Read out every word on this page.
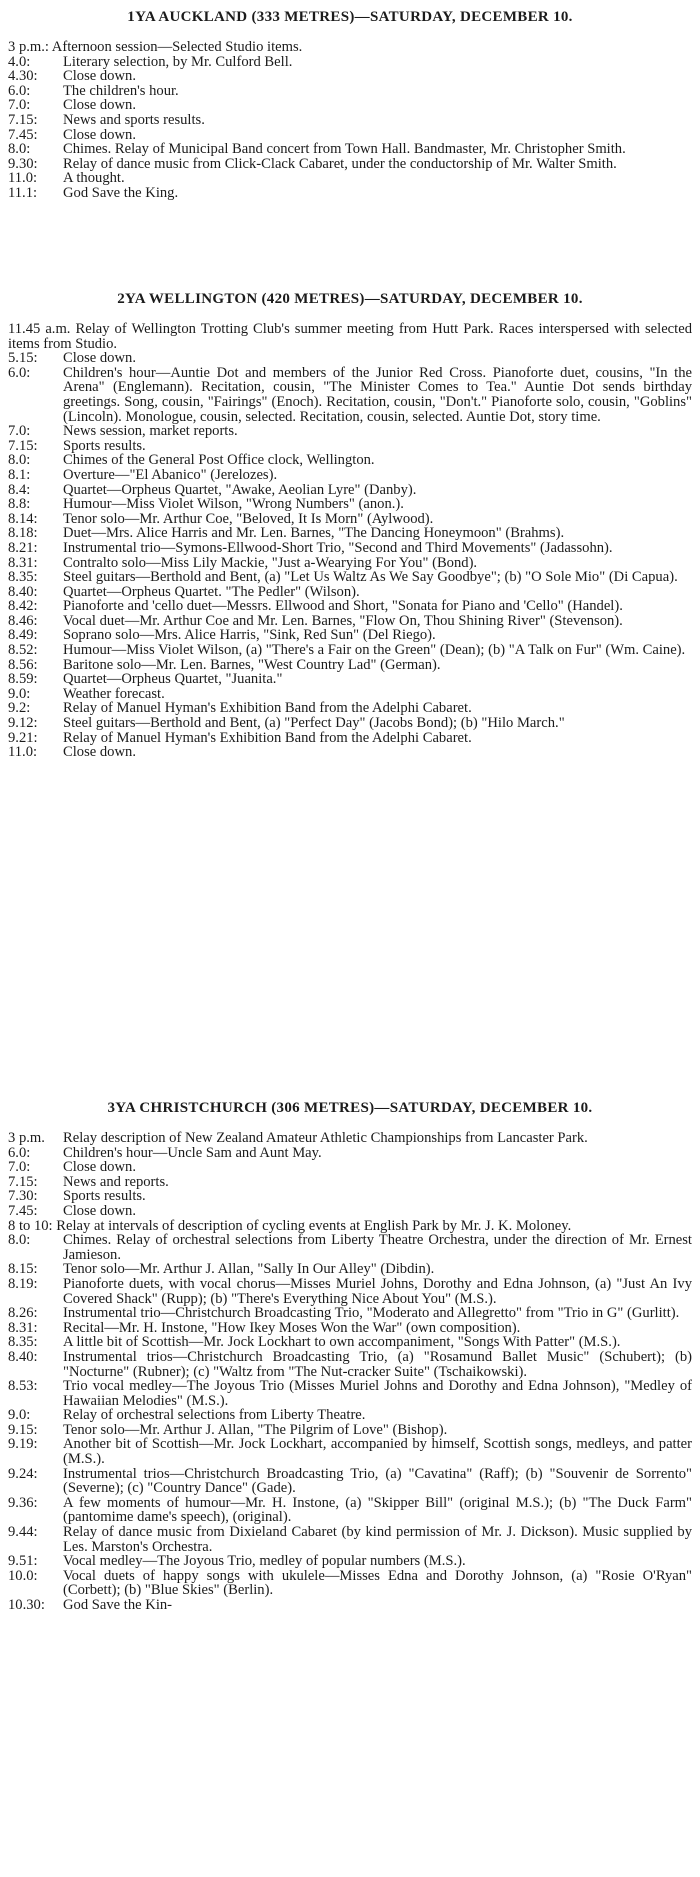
1YA AUCKLAND (333 METRES)—SATURDAY, DECEMBER 10.
3 p.m.: Afternoon session—Selected Studio items.
4.0:	Literary selection, by Mr. Culford Bell.
4.30:	Close down.
6.0:	The children's hour.
7.0:	Close down.
7.15:	News and sports results.
7.45:	Close down.
8.0:	Chimes. Relay of Municipal Band concert from Town Hall. Bandmaster, Mr. Christopher Smith.
9.30:	Relay of dance music from Click-Clack Cabaret, under the conductorship of Mr. Walter Smith.
11.0:	A thought.
11.1:	God Save the King.
2YA WELLINGTON (420 METRES)—SATURDAY, DECEMBER 10.
11.45 a.m. Relay of Wellington Trotting Club's summer meeting from Hutt Park. Races interspersed with selected items from Studio.
5.15:	Close down.
6.0:	Children's hour—Auntie Dot and members of the Junior Red Cross. Pianoforte duet, cousins, "In the Arena" (Englemann). Recitation, cousin, "The Minister Comes to Tea." Auntie Dot sends birthday greetings. Song, cousin, "Fairings" (Enoch). Recitation, cousin, "Don't." Pianoforte solo, cousin, "Goblins" (Lincoln). Monologue, cousin, selected. Recitation, cousin, selected. Auntie Dot, story time.
7.0:	News session, market reports.
7.15:	Sports results.
8.0:	Chimes of the General Post Office clock, Wellington.
8.1:	Overture—"El Abanico" (Jerelozes).
8.4:	Quartet—Orpheus Quartet, "Awake, Aeolian Lyre" (Danby).
8.8:	Humour—Miss Violet Wilson, "Wrong Numbers" (anon.).
8.14:	Tenor solo—Mr. Arthur Coe, "Beloved, It Is Morn" (Aylwood).
8.18:	Duet—Mrs. Alice Harris and Mr. Len. Barnes, "The Dancing Honeymoon" (Brahms).
8.21:	Instrumental trio—Symons-Ellwood-Short Trio, "Second and Third Movements" (Jadassohn).
8.31:	Contralto solo—Miss Lily Mackie, "Just a-Wearying For You" (Bond).
8.35:	Steel guitars—Berthold and Bent, (a) "Let Us Waltz As We Say Goodbye"; (b) "O Sole Mio" (Di Capua).
8.40:	Quartet—Orpheus Quartet. "The Pedler" (Wilson).
8.42:	Pianoforte and 'cello duet—Messrs. Ellwood and Short, "Sonata for Piano and 'Cello" (Handel).
8.46:	Vocal duet—Mr. Arthur Coe and Mr. Len. Barnes, "Flow On, Thou Shining River" (Stevenson).
8.49:	Soprano solo—Mrs. Alice Harris, "Sink, Red Sun" (Del Riego).
8.52:	Humour—Miss Violet Wilson, (a) "There's a Fair on the Green" (Dean); (b) "A Talk on Fur" (Wm. Caine).
8.56:	Baritone solo—Mr. Len. Barnes, "West Country Lad" (German).
8.59:	Quartet—Orpheus Quartet, "Juanita."
9.0:	Weather forecast.
9.2:	Relay of Manuel Hyman's Exhibition Band from the Adelphi Cabaret.
9.12:	Steel guitars—Berthold and Bent, (a) "Perfect Day" (Jacobs Bond); (b) "Hilo March."
9.21:	Relay of Manuel Hyman's Exhibition Band from the Adelphi Cabaret.
11.0:	Close down.
3YA CHRISTCHURCH (306 METRES)—SATURDAY, DECEMBER 10.
3 p.m.	Relay description of New Zealand Amateur Athletic Championships from Lancaster Park.
6.0:	Children's hour—Uncle Sam and Aunt May.
7.0:	Close down.
7.15:	News and reports.
7.30:	Sports results.
7.45:	Close down.
8 to 10: Relay at intervals of description of cycling events at English Park by Mr. J. K. Moloney.
8.0:	Chimes. Relay of orchestral selections from Liberty Theatre Orchestra, under the direction of Mr. Ernest Jamieson.
8.15:	Tenor solo—Mr. Arthur J. Allan, "Sally In Our Alley" (Dibdin).
8.19:	Pianoforte duets, with vocal chorus—Misses Muriel Johns, Dorothy and Edna Johnson, (a) "Just An Ivy Covered Shack" (Rupp); (b) "There's Everything Nice About You" (M.S.).
8.26:	Instrumental trio—Christchurch Broadcasting Trio, "Moderato and Allegretto" from "Trio in G" (Gurlitt).
8.31:	Recital—Mr. H. Instone, "How Ikey Moses Won the War" (own composition).
8.35:	A little bit of Scottish—Mr. Jock Lockhart to own accompaniment, "Songs With Patter" (M.S.).
8.40:	Instrumental trios—Christchurch Broadcasting Trio, (a) "Rosamund Ballet Music" (Schubert); (b) "Nocturne" (Rubner); (c) "Waltz from "The Nut-cracker Suite" (Tschaikowski).
8.53:	Trio vocal medley—The Joyous Trio (Misses Muriel Johns and Dorothy and Edna Johnson), "Medley of Hawaiian Melodies" (M.S.).
9.0:	Relay of orchestral selections from Liberty Theatre.
9.15:	Tenor solo—Mr. Arthur J. Allan, "The Pilgrim of Love" (Bishop).
9.19:	Another bit of Scottish—Mr. Jock Lockhart, accompanied by himself, Scottish songs, medleys, and patter (M.S.).
9.24:	Instrumental trios—Christchurch Broadcasting Trio, (a) "Cavatina" (Raff); (b) "Souvenir de Sorrento" (Severne); (c) "Country Dance" (Gade).
9.36:	A few moments of humour—Mr. H. Instone, (a) "Skipper Bill" (original M.S.); (b) "The Duck Farm" (pantomime dame's speech), (original).
9.44:	Relay of dance music from Dixieland Cabaret (by kind permission of Mr. J. Dickson). Music supplied by Les. Marston's Orchestra.
9.51:	Vocal medley—The Joyous Trio, medley of popular numbers (M.S.).
10.0:	Vocal duets of happy songs with ukulele—Misses Edna and Dorothy Johnson, (a) "Rosie O'Ryan" (Corbett); (b) "Blue Skies" (Berlin).
10.30:	God Save the Kin-
